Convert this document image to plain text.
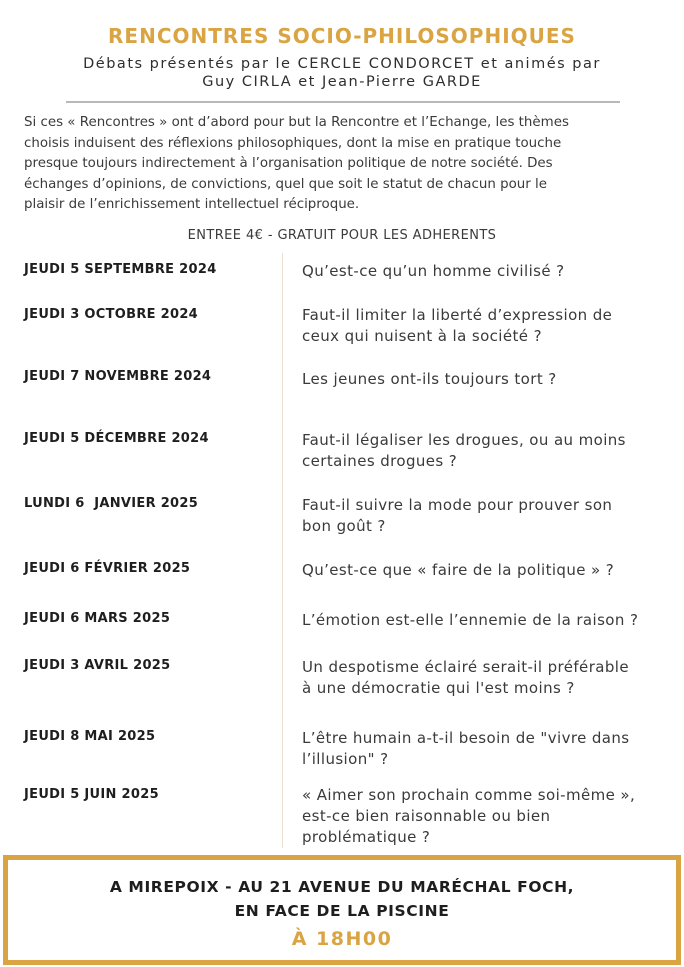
RENCONTRES SOCIO-PHILOSOPHIQUES
Débats présentés par le CERCLE CONDORCET et animés par
Guy CIRLA et Jean-Pierre GARDE
Si ces « Rencontres » ont d’abord pour but la Rencontre et l’Echange, les thèmes
choisis induisent des réflexions philosophiques, dont la mise en pratique touche
presque toujours indirectement à l’organisation politique de notre société. Des
échanges d’opinions, de convictions, quel que soit le statut de chacun pour le
plaisir de l’enrichissement intellectuel réciproque.
ENTREE 4€ - GRATUIT POUR LES ADHERENTS
JEUDI 5 SEPTEMBRE 2024	Qu’est-ce qu’un homme civilisé ?
JEUDI 3 OCTOBRE 2024	Faut-il limiter la liberté d’expression de
ceux qui nuisent à la société ?
JEUDI 7 NOVEMBRE 2024	Les jeunes ont-ils toujours tort ?
JEUDI 5 DÉCEMBRE 2024	Faut-il légaliser les drogues, ou au moins
certaines drogues ?
LUNDI 6  JANVIER 2025	Faut-il suivre la mode pour prouver son
bon goût ?
JEUDI 6 FÉVRIER 2025	Qu’est-ce que « faire de la politique » ?
JEUDI 6 MARS 2025	L’émotion est-elle l’ennemie de la raison ?
JEUDI 3 AVRIL 2025	Un despotisme éclairé serait-il préférable
à une démocratie qui l'est moins ?
JEUDI 8 MAI 2025	L’être humain a-t-il besoin de "vivre dans
l’illusion" ?
JEUDI 5 JUIN 2025	« Aimer son prochain comme soi-même »,
est-ce bien raisonnable ou bien
problématique ?
A MIREPOIX - AU 21 AVENUE DU MARÉCHAL FOCH,
EN FACE DE LA PISCINE
À 18H00
